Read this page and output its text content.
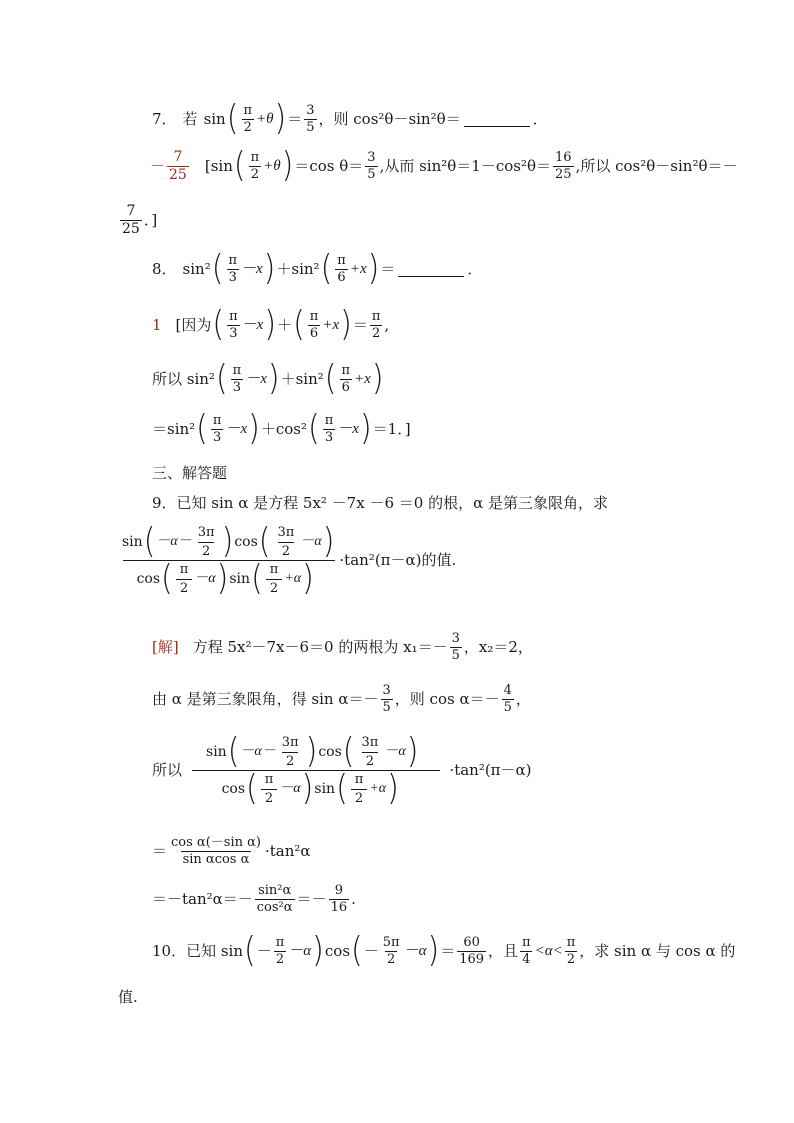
7． 若 sin ( $\frac{\pi}{2} +\theta$ ) ＝ $\frac{3}{5}$ ，则 cos²θ－sin²θ＝	．
－ $\frac{7}{25} [\sin$ ( $\frac{\pi}{2} +\theta$ ) ＝cos $\theta= \frac{3}{5}$ ,从而 $\sin^2\theta=1-\cos^2\theta= \frac{16}{25}$ ,所以 cos²θ－sin²θ＝－
$\frac{7}{25}$ ．]
8． sin² ( $\frac{\pi}{3} -x$ ) ＋ sin² ( $\frac{\pi}{6} +x$ ) ＝	．
1 [因为 ( $\frac{\pi}{3} -x$ ) ＋ ( $\frac{\pi}{6} +x$ ) ＝ $\frac{\pi}{2}$ ,
所以 sin² ( $\frac{\pi}{3} -x$ ) ＋ sin² ( $\frac{\pi}{6} +x$ )
＝sin² ( $\frac{\pi}{3} -x$ ) ＋ cos² ( $\frac{\pi}{3} -x$ ) ＝1．]
三、解答题
9．已知 sin α 是方程 5x² －7x －6 ＝0 的根，α 是第三象限角，求
sin ( $-\alpha- \frac{3\pi}{2}$ ) cos ( $\frac{3\pi}{2} -\alpha$ )
cos ( $\frac{\pi}{2} -\alpha$ ) sin ( $\frac{\pi}{2} +\alpha$ ) ·tan²(π－α)的值.
[解] 方程 5x²－7x－6＝0 的两根为 $x_1=- \frac{3}{5}$ ，x₂＝2，
由 α 是第三象限角，得 $\sin \alpha=- \frac{3}{5}$ ，则 $\cos \alpha=- \frac{4}{5}$ ，
所以
sin ( $-\alpha- \frac{3\pi}{2}$ ) cos ( $\frac{3\pi}{2} -\alpha$ )
cos ( $\frac{\pi}{2} -\alpha$ ) sin ( $\frac{\pi}{2} +\alpha$ )	·tan²(π－α)
＝ $\frac{\text{cos α(－sin α)}}{\text{sin αcos α}} \cdot\tan^2\alpha$
$=-\tan^2\alpha=- \frac{\text{sin²α}}{\text{cos²α}} =- \frac{9}{16}$ .
10．已知 sin ( － $\frac{\pi}{2} -\alpha$ ) cos ( － $\frac{5\pi}{2} -\alpha$ ) ＝ $\frac{60}{169}$ ，且 $\frac{\pi}{4} <\alpha< \frac{\pi}{2}$ ，求 sin α 与 cos α 的
值.
